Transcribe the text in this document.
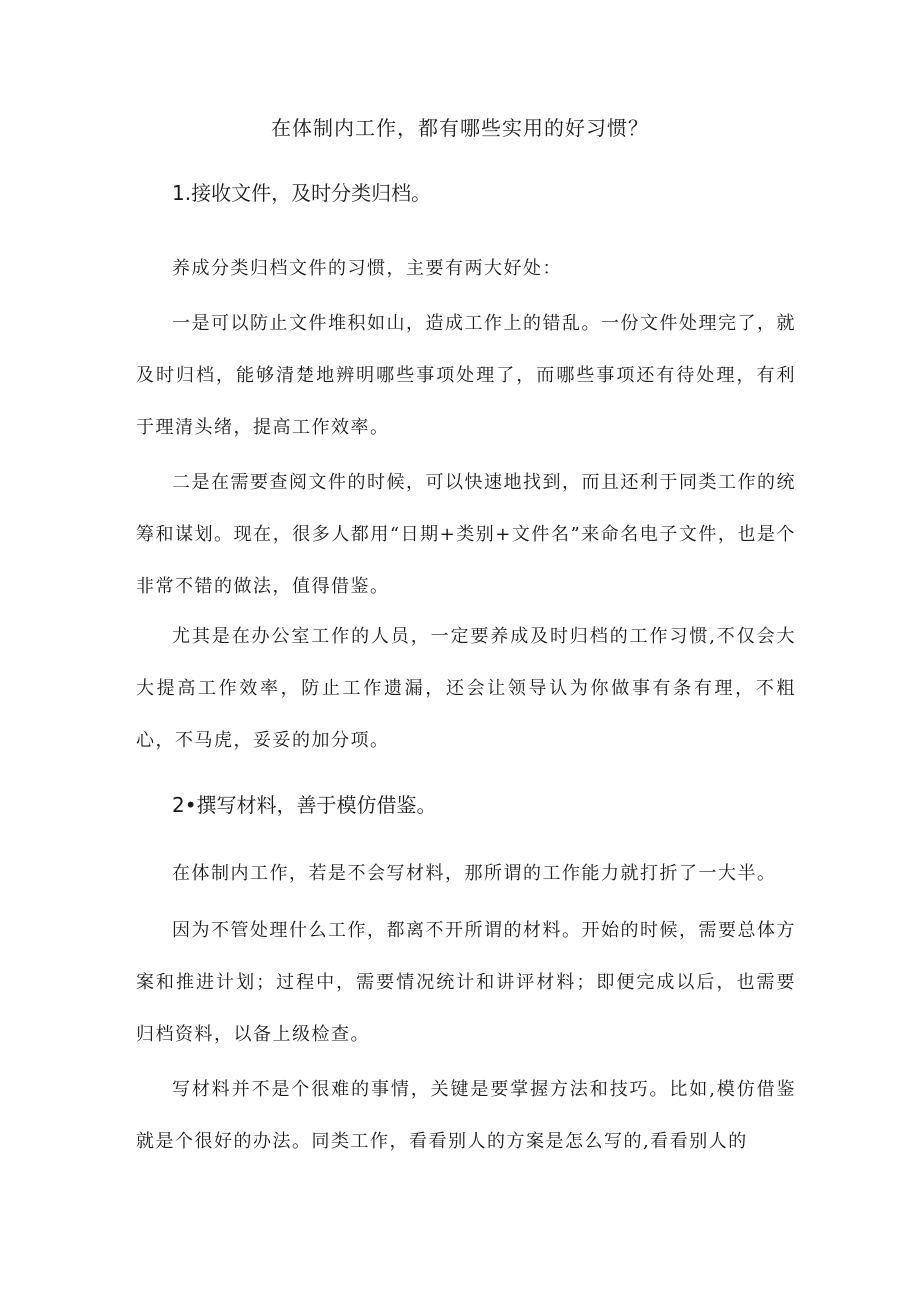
在体制内工作，都有哪些实用的好习惯？
1.接收文件，及时分类归档。

养成分类归档文件的习惯，主要有两大好处：

一是可以防止文件堆积如山，造成工作上的错乱。一份文件处理完了，就及时归档，能够清楚地辨明哪些事项处理了，而哪些事项还有待处理，有利于理清头绪，提高工作效率。

二是在需要查阅文件的时候，可以快速地找到，而且还利于同类工作的统筹和谋划。现在，很多人都用“日期+类别+文件名”来命名电子文件，也是个非常不错的做法，值得借鉴。

尤其是在办公室工作的人员，一定要养成及时归档的工作习惯,不仅会大大提高工作效率，防止工作遗漏，还会让领导认为你做事有条有理，不粗心，不马虎，妥妥的加分项。

2•撰写材料，善于模仿借鉴。

在体制内工作，若是不会写材料，那所谓的工作能力就打折了一大半。

因为不管处理什么工作，都离不开所谓的材料。开始的时候，需要总体方案和推进计划；过程中，需要情况统计和讲评材料；即便完成以后，也需要归档资料，以备上级检查。

写材料并不是个很难的事情，关键是要掌握方法和技巧。比如,模仿借鉴就是个很好的办法。同类工作，看看别人的方案是怎么写的,看看别人的
